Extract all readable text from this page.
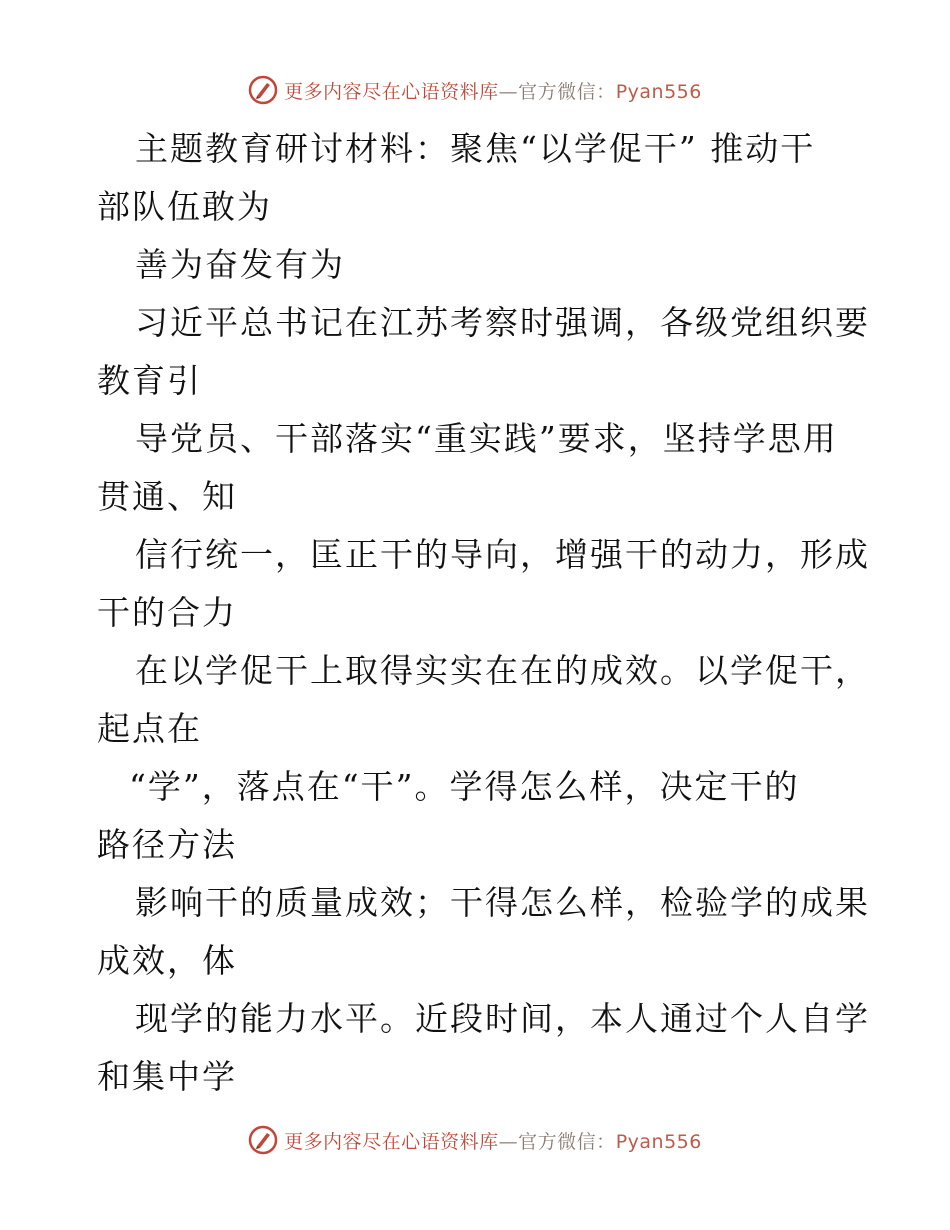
更多内容尽在心语资料库—官方微信：Pyan556
主题教育研讨材料：聚焦“以学促干” 推动干
部队伍敢为
善为奋发有为
习近平总书记在江苏考察时强调，各级党组织要
教育引
导党员、干部落实“重实践”要求，坚持学思用
贯通、知
信行统一，匡正干的导向，增强干的动力，形成
干的合力
在以学促干上取得实实在在的成效。以学促干，
起点在
“学”，落点在“干”。学得怎么样，决定干的
路径方法
影响干的质量成效；干得怎么样，检验学的成果
成效，体
现学的能力水平。近段时间，本人通过个人自学
和集中学
更多内容尽在心语资料库—官方微信：Pyan556
